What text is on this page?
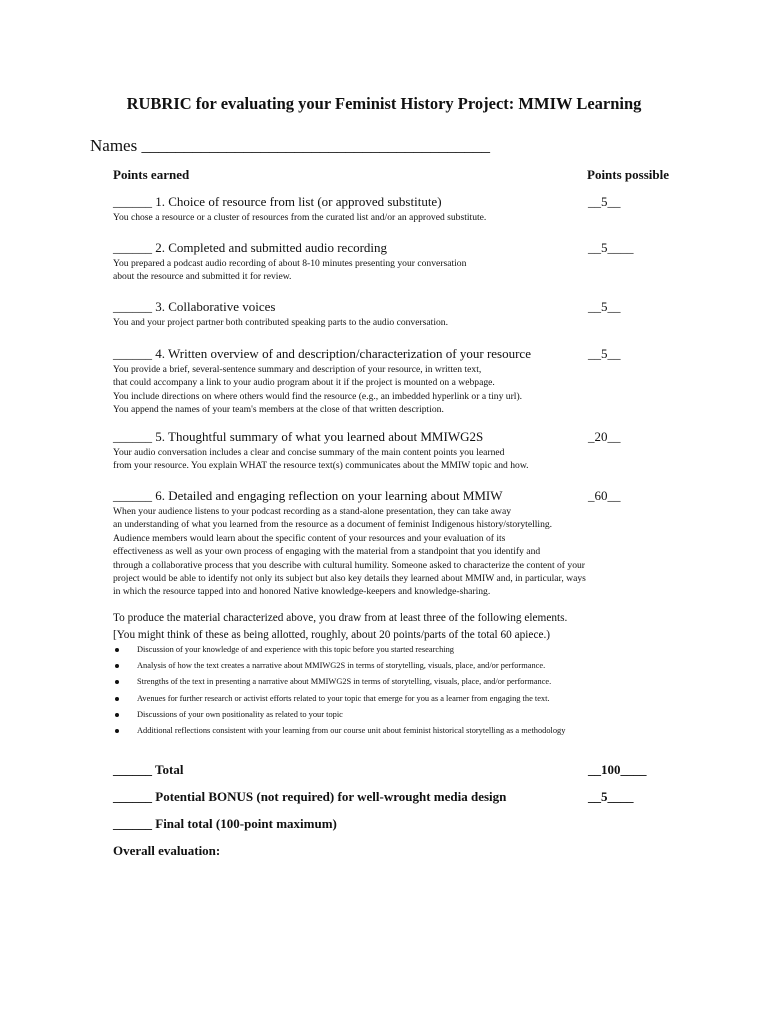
RUBRIC for evaluating your Feminist History Project: MMIW Learning
Names _________________________________________
Points earned	Points possible
______ 1. Choice of resource from list (or approved substitute)	__5__
You chose a resource or a cluster of resources from the curated list and/or an approved substitute.
______ 2. Completed and submitted audio recording	__5____
You prepared a podcast audio recording of about 8-10 minutes presenting your conversation
about the resource and submitted it for review.
______ 3. Collaborative voices	__5__
You and your project partner both contributed speaking parts to the audio conversation.
______ 4. Written overview of and description/characterization of your resource	__5__
You provide a brief, several-sentence summary and description of your resource, in written text,
that could accompany a link to your audio program about it if the project is mounted on a webpage.
You include directions on where others would find the resource (e.g., an imbedded hyperlink or a tiny url).
You append the names of your team's members at the close of that written description.
______ 5. Thoughtful summary of what you learned about MMIWG2S	_20__
Your audio conversation includes a clear and concise summary of the main content points you learned
from your resource. You explain WHAT the resource text(s) communicates about the MMIW topic and how.
______ 6. Detailed and engaging reflection on your learning about MMIW	_60__
When your audience listens to your podcast recording as a stand-alone presentation, they can take away
an understanding of what you learned from the resource as a document of feminist Indigenous history/storytelling.
Audience members would learn about the specific content of your resources and your evaluation of its
effectiveness as well as your own process of engaging with the material from a standpoint that you identify and
through a collaborative process that you describe with cultural humility. Someone asked to characterize the content of your
project would be able to identify not only its subject but also key details they learned about MMIW and, in particular, ways
in which the resource tapped into and honored Native knowledge-keepers and knowledge-sharing.
To produce the material characterized above, you draw from at least three of the following elements.
[You might think of these as being allotted, roughly, about 20 points/parts of the total 60 apiece.)
Discussion of your knowledge of and experience with this topic before you started researching
Analysis of how the text creates a narrative about MMIWG2S in terms of storytelling, visuals, place, and/or performance.
Strengths of the text in presenting a narrative about MMIWG2S in terms of storytelling, visuals, place, and/or performance.
Avenues for further research or activist efforts related to your topic that emerge for you as a learner from engaging the text.
Discussions of your own positionality as related to your topic
Additional reflections consistent with your learning from our course unit about feminist historical storytelling as a methodology
______ Total	__100____
______ Potential BONUS (not required) for well-wrought media design	__5____
______ Final total (100-point maximum)
Overall evaluation:
